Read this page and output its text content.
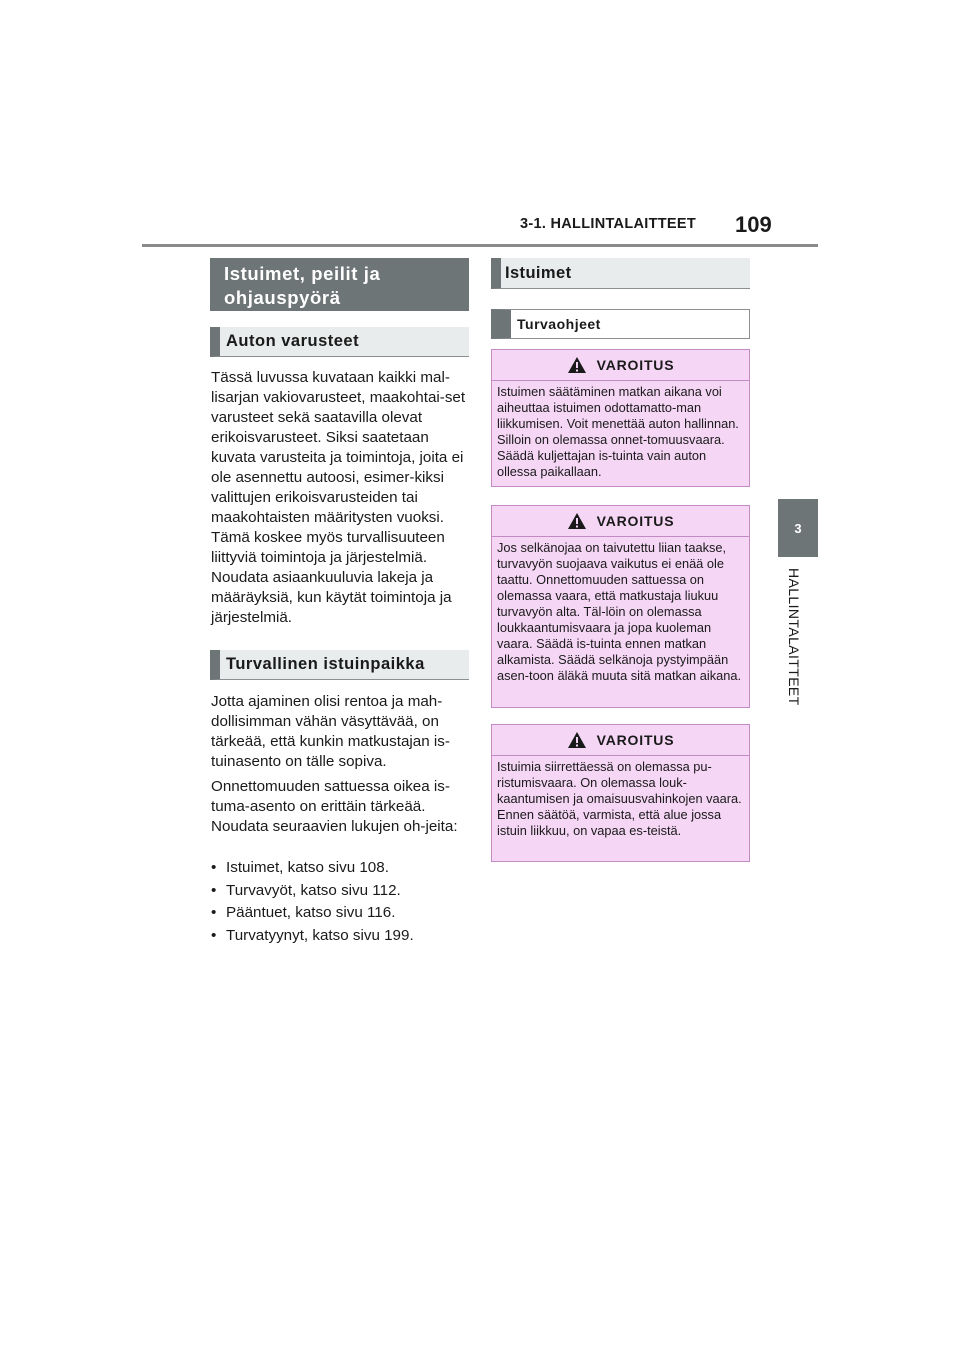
3-1. HALLINTALAITTEET 109
3
HALLINTALAITTEET
Istuimet, peilit ja ohjauspyörä
Auton varusteet
Tässä luvussa kuvataan kaikki mal-lisarjan vakiovarusteet, maakohtai-set varusteet sekä saatavilla olevat erikoisvarusteet. Siksi saatetaan kuvata varusteita ja toimintoja, joita ei ole asennettu autoosi, esimer-kiksi valittujen erikoisvarusteiden tai maakohtaisten määritysten vuoksi. Tämä koskee myös turvallisuuteen liittyviä toimintoja ja järjestelmiä. Noudata asiaankuuluvia lakeja ja määräyksiä, kun käytät toimintoja ja järjestelmiä.
Turvallinen istuinpaikka
Jotta ajaminen olisi rentoa ja mah-dollisimman vähän väsyttävää, on tärkeää, että kunkin matkustajan is-tuinasento on tälle sopiva.
Onnettomuuden sattuessa oikea is-tuma-asento on erittäin tärkeää. Noudata seuraavien lukujen oh-jeita:
• Istuimet, katso sivu 108.
• Turvavyöt, katso sivu 112.
• Pääntuet, katso sivu 116.
• Turvatyynyt, katso sivu 199.
Istuimet
Turvaohjeet
VAROITUS
Istuimen säätäminen matkan aikana voi aiheuttaa istuimen odottamatto-man liikkumisen. Voit menettää auton hallinnan. Silloin on olemassa onnet-tomuusvaara. Säädä kuljettajan is-tuinta vain auton ollessa paikallaan.
VAROITUS
Jos selkänojaa on taivutettu liian taakse, turvavyön suojaava vaikutus ei enää ole taattu. Onnettomuuden sattuessa on olemassa vaara, että matkustaja liukuu turvavyön alta. Täl-löin on olemassa loukkaantumisvaara ja jopa kuoleman vaara. Säädä is-tuinta ennen matkan alkamista. Säädä selkänoja pystyimpään asen-toon äläkä muuta sitä matkan aikana.
VAROITUS
Istuimia siirrettäessä on olemassa pu-ristumisvaara. On olemassa louk-kaantumisen ja omaisuusvahinkojen vaara. Ennen säätöä, varmista, että alue jossa istuin liikkuu, on vapaa es-teistä.
